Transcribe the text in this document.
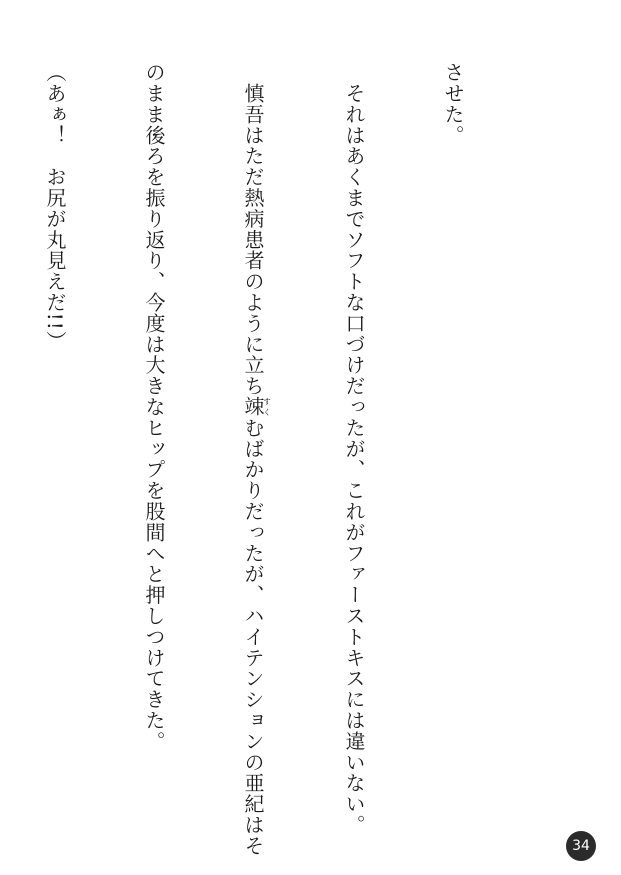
させた。

　それはあくまでソフトな口づけだったが、これがファーストキスには違いない。

　慎吾はただ熱病患者のように立ち竦すくむばかりだったが、ハイテンションの亜紀はそ

のまま後ろを振り返り、今度は大きなヒップを股間へと押しつけてきた。

（あぁ！　お尻が丸見えだ!!）

34
